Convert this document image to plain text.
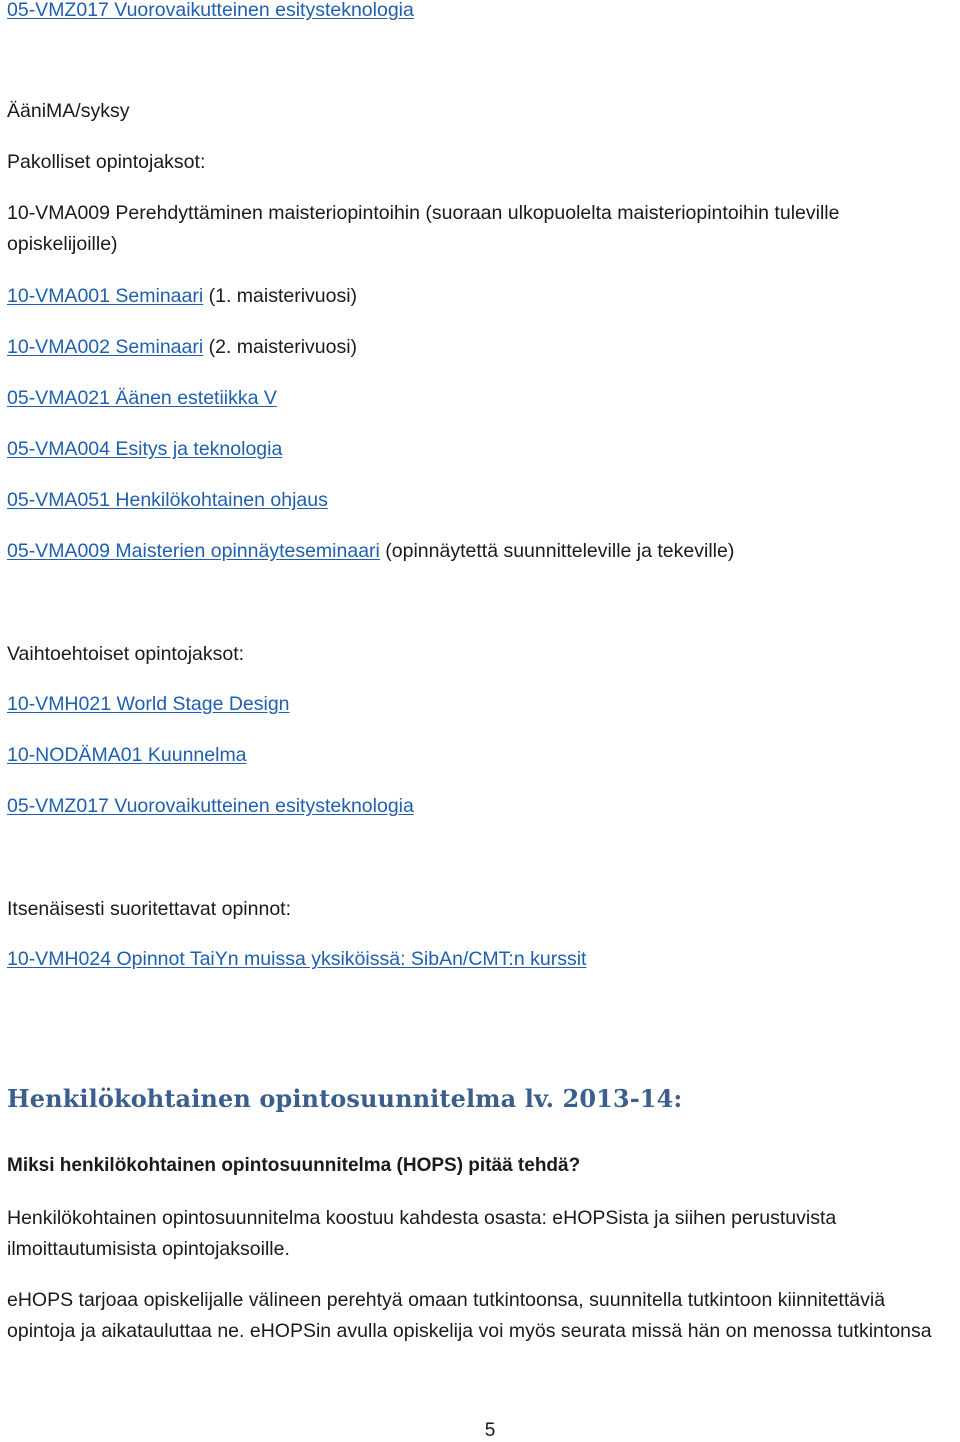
05-VMZ017 Vuorovaikutteinen esitysteknologia
ÄäniMA/syksy
Pakolliset opintojaksot:
10-VMA009 Perehdyttäminen maisteriopintoihin (suoraan ulkopuolelta maisteriopintoihin tuleville
opiskelijoille)
10-VMA001 Seminaari (1. maisterivuosi)
10-VMA002 Seminaari (2. maisterivuosi)
05-VMA021 Äänen estetiikka V
05-VMA004 Esitys ja teknologia
05-VMA051 Henkilökohtainen ohjaus
05-VMA009 Maisterien opinnäyteseminaari (opinnäytettä suunnitteleville ja tekeville)
Vaihtoehtoiset opintojaksot:
10-VMH021 World Stage Design
10-NODÄMA01 Kuunnelma
05-VMZ017 Vuorovaikutteinen esitysteknologia
Itsenäisesti suoritettavat opinnot:
10-VMH024 Opinnot TaiYn muissa yksiköissä: SibAn/CMT:n kurssit
Henkilökohtainen opintosuunnitelma lv. 2013-14:
Miksi henkilökohtainen opintosuunnitelma (HOPS) pitää tehdä?
Henkilökohtainen opintosuunnitelma koostuu kahdesta osasta: eHOPSista ja siihen perustuvista
ilmoittautumisista opintojaksoille.
eHOPS tarjoaa opiskelijalle välineen perehtyä omaan tutkintoonsa, suunnitella tutkintoon kiinnitettäviä
opintoja ja aikatauluttaa ne. eHOPSin avulla opiskelija voi myös seurata missä hän on menossa tutkintonsa
5
